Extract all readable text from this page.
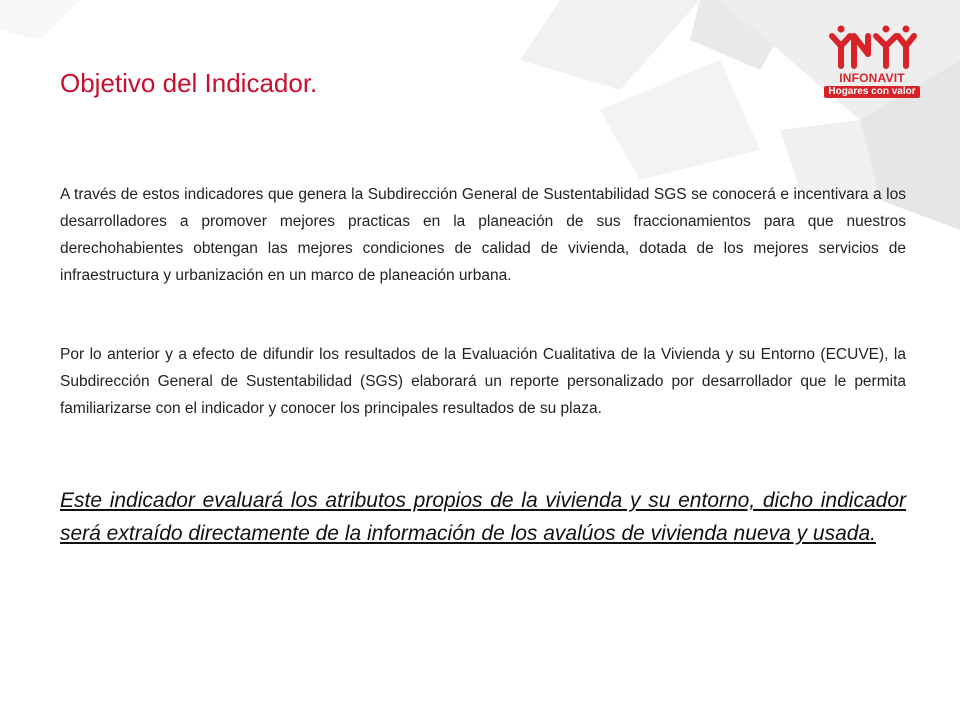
INFONAVIT
Hogares con valor
Objetivo del Indicador.

A través de estos indicadores que genera la Subdirección General de Sustentabilidad SGS se conocerá e incentivara a los desarrolladores a promover mejores practicas en la planeación de sus fraccionamientos para que nuestros derechohabientes obtengan las mejores condiciones de calidad de vivienda, dotada de los mejores servicios de infraestructura y urbanización en un marco de planeación urbana.

Por lo anterior y a efecto de difundir los resultados de la Evaluación Cualitativa de la Vivienda y su Entorno (ECUVE), la Subdirección General de Sustentabilidad (SGS) elaborará un reporte personalizado por desarrollador que le permita familiarizarse con el indicador y conocer los principales resultados de su plaza.

Este indicador evaluará los atributos propios de la vivienda y su entorno, dicho indicador será extraído directamente de la información de los avalúos de vivienda nueva y usada.
